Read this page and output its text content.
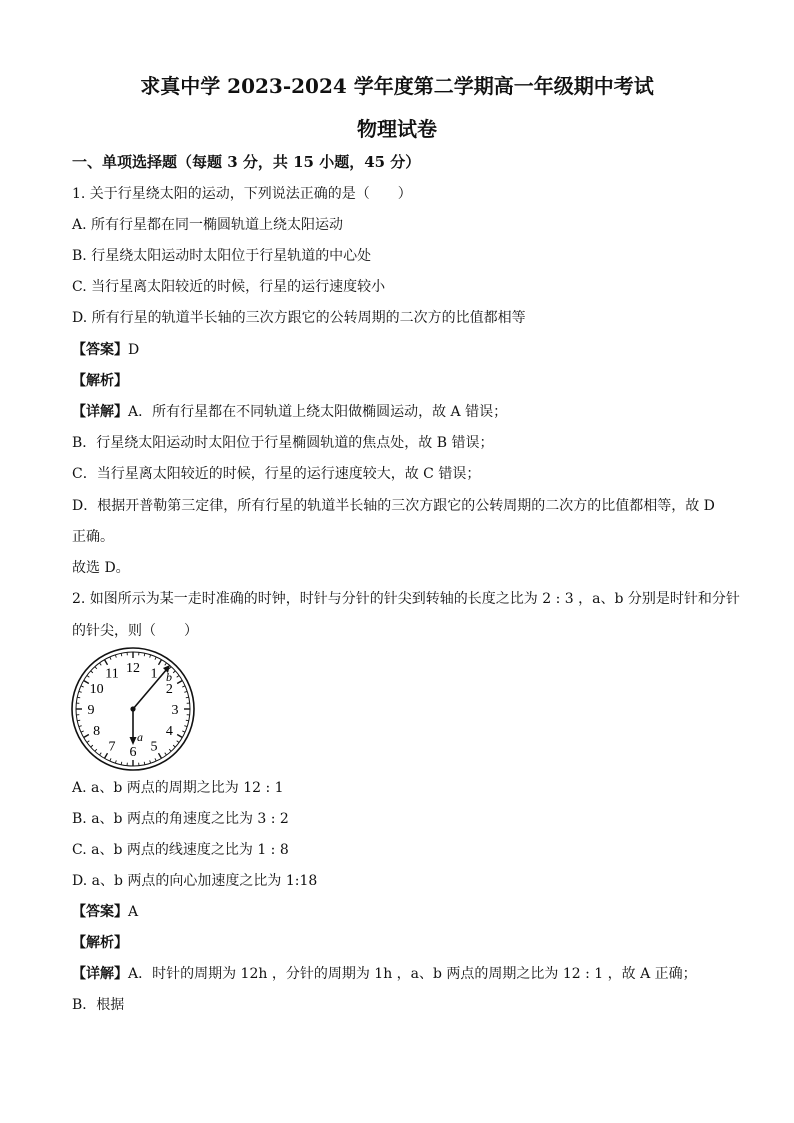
求真中学 2023-2024 学年度第二学期高一年级期中考试
物理试卷
一、单项选择题（每题 3 分，共 15 小题，45 分）
1. 关于行星绕太阳的运动，下列说法正确的是（　　）
A. 所有行星都在同一椭圆轨道上绕太阳运动
B. 行星绕太阳运动时太阳位于行星轨道的中心处
C. 当行星离太阳较近的时候，行星的运行速度较小
D. 所有行星的轨道半长轴的三次方跟它的公转周期的二次方的比值都相等
【答案】D
【解析】
【详解】A．所有行星都在不同轨道上绕太阳做椭圆运动，故 A 错误；
B．行星绕太阳运动时太阳位于行星椭圆轨道的焦点处，故 B 错误；
C．当行星离太阳较近的时候，行星的运行速度较大，故 C 错误；
D．根据开普勒第三定律，所有行星的轨道半长轴的三次方跟它的公转周期的二次方的比值都相等，故 D
正确。
故选 D。
2. 如图所示为某一走时准确的时钟，时针与分针的针尖到转轴的长度之比为 2 : 3 ，a、b 分别是时针和分针
的针尖，则（　　）
12 1
2
3
4
5
6
7
8
9
10
11
a
b
A. a、b 两点的周期之比为 12 : 1
B. a、b 两点的角速度之比为 3 : 2
C. a、b 两点的线速度之比为 1 : 8
D. a、b 两点的向心加速度之比为 1:18
【答案】A
【解析】
【详解】A．时针的周期为 12h ，分针的周期为 1h ，a、b 两点的周期之比为 12 : 1 ，故 A 正确；
B．根据
